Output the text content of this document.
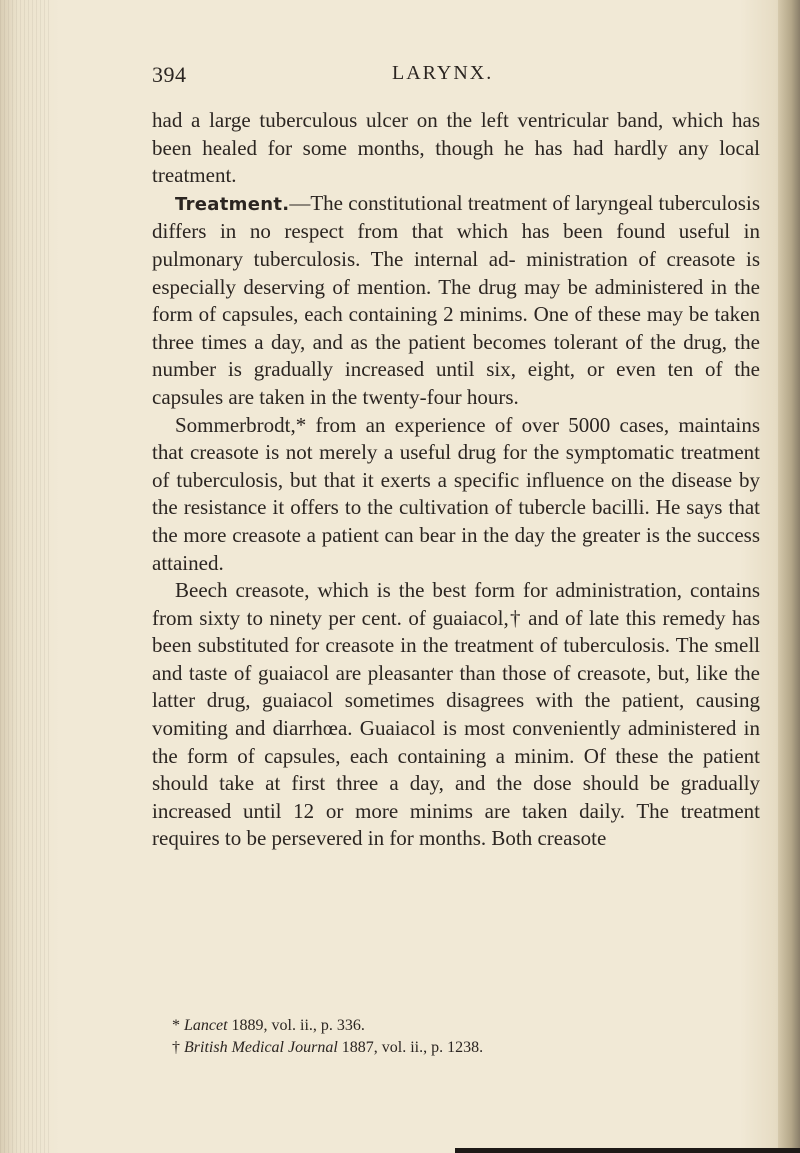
394	LARYNX.

had a large tuberculous ulcer on the left ventricular band, which has been healed for some months, though he has had hardly any local treatment.

Treatment.—The constitutional treatment of laryngeal tuberculosis differs in no respect from that which has been found useful in pulmonary tuberculosis. The internal ad- ministration of creasote is especially deserving of mention. The drug may be administered in the form of capsules, each containing 2 minims. One of these may be taken three times a day, and as the patient becomes tolerant of the drug, the number is gradually increased until six, eight, or even ten of the capsules are taken in the twenty-four hours.

Sommerbrodt,* from an experience of over 5000 cases, maintains that creasote is not merely a useful drug for the symptomatic treatment of tuberculosis, but that it exerts a specific influence on the disease by the resistance it offers to the cultivation of tubercle bacilli. He says that the more creasote a patient can bear in the day the greater is the success attained.

Beech creasote, which is the best form for administration, contains from sixty to ninety per cent. of guaiacol,† and of late this remedy has been substituted for creasote in the treatment of tuberculosis. The smell and taste of guaiacol are pleasanter than those of creasote, but, like the latter drug, guaiacol sometimes disagrees with the patient, causing vomiting and diarrhœa. Guaiacol is most conveniently administered in the form of capsules, each containing a minim. Of these the patient should take at first three a day, and the dose should be gradually increased until 12 or more minims are taken daily. The treatment requires to be persevered in for months. Both creasote

* Lancet 1889, vol. ii., p. 336.

† British Medical Journal 1887, vol. ii., p. 1238.
